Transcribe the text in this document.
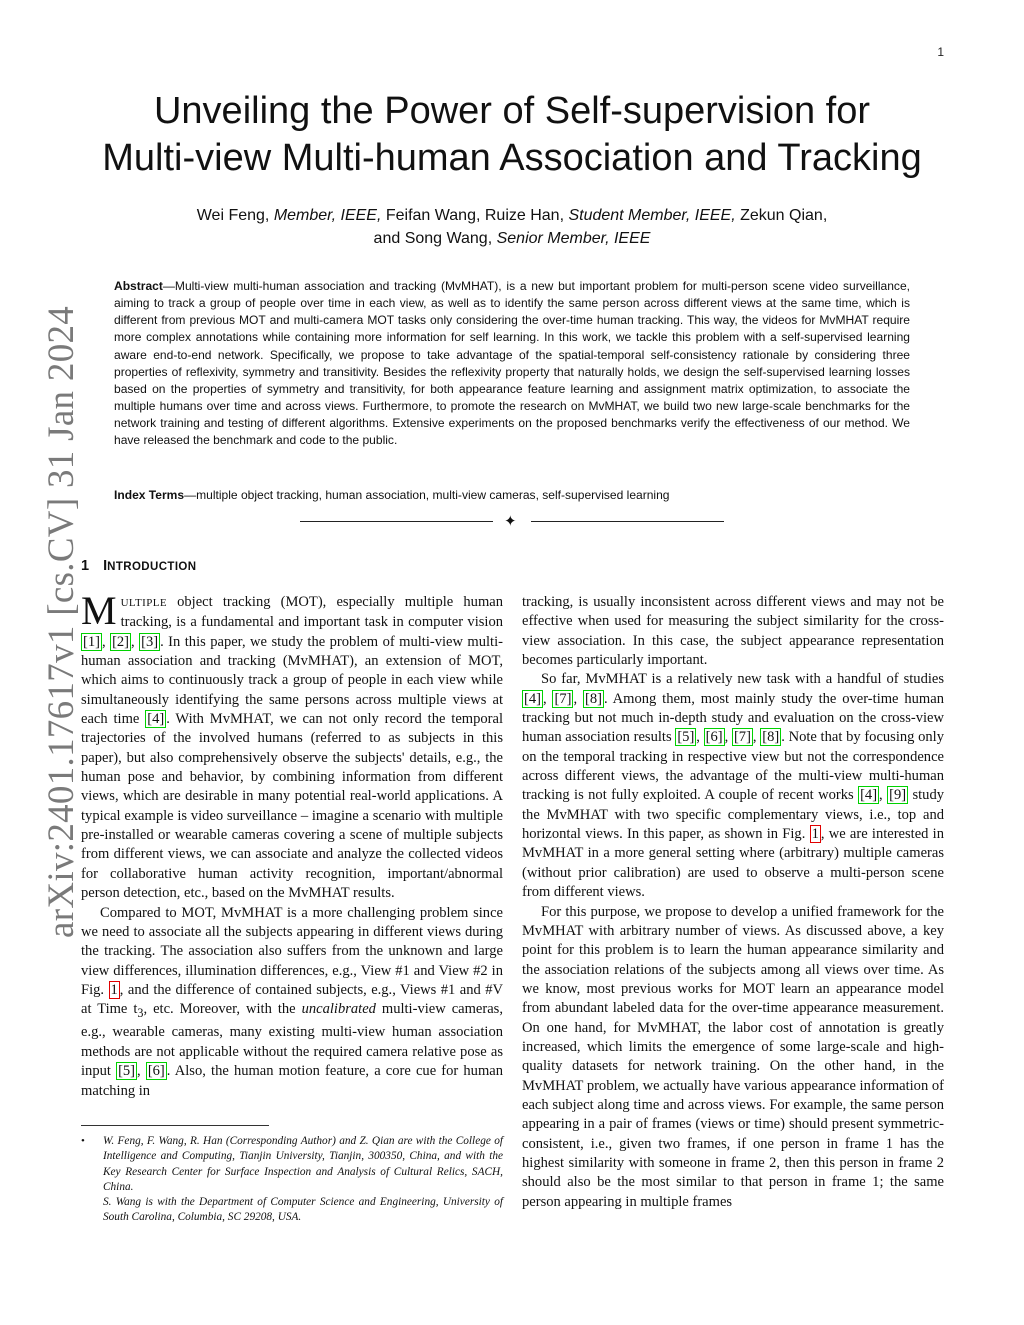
1
arXiv:2401.17617v1 [cs.CV] 31 Jan 2024
Unveiling the Power of Self-supervision for
Multi-view Multi-human Association and Tracking
Wei Feng, Member, IEEE, Feifan Wang, Ruize Han, Student Member, IEEE, Zekun Qian,
and Song Wang, Senior Member, IEEE
Abstract—Multi-view multi-human association and tracking (MvMHAT), is a new but important problem for multi-person scene video surveillance, aiming to track a group of people over time in each view, as well as to identify the same person across different views at the same time, which is different from previous MOT and multi-camera MOT tasks only considering the over-time human tracking. This way, the videos for MvMHAT require more complex annotations while containing more information for self learning. In this work, we tackle this problem with a self-supervised learning aware end-to-end network. Specifically, we propose to take advantage of the spatial-temporal self-consistency rationale by considering three properties of reflexivity, symmetry and transitivity. Besides the reflexivity property that naturally holds, we design the self-supervised learning losses based on the properties of symmetry and transitivity, for both appearance feature learning and assignment matrix optimization, to associate the multiple humans over time and across views. Furthermore, to promote the research on MvMHAT, we build two new large-scale benchmarks for the network training and testing of different algorithms. Extensive experiments on the proposed benchmarks verify the effectiveness of our method. We have released the benchmark and code to the public.
Index Terms—multiple object tracking, human association, multi-view cameras, self-supervised learning
✦
1 INTRODUCTION

MULTIPLE object tracking (MOT), especially multiple human tracking, is a fundamental and important task in computer vision [1] , [2] , [3] . In this paper, we study the problem of multi-view multi-human association and tracking (MvMHAT), an extension of MOT, which aims to continuously track a group of people in each view while simultaneously identifying the same persons across multiple views at each time [4] . With MvMHAT, we can not only record the temporal trajectories of the involved humans (referred to as subjects in this paper), but also comprehensively observe the subjects' details, e.g., the human pose and behavior, by combining information from different views, which are desirable in many potential real-world applications. A typical example is video surveillance – imagine a scenario with multiple pre-installed or wearable cameras covering a scene of multiple subjects from different views, we can associate and analyze the collected videos for collaborative human activity recognition, important/abnormal person detection, etc., based on the MvMHAT results.

Compared to MOT, MvMHAT is a more challenging problem since we need to associate all the subjects appearing in different views during the tracking. The association also suffers from the unknown and large view differences, illumination differences, e.g., View #1 and View #2 in Fig. 1 , and the difference of contained subjects, e.g., Views #1 and #V at Time $t_3$, etc. Moreover, with the uncalibrated multi-view cameras, e.g., wearable cameras, many existing multi-view human association methods are not applicable without the required camera relative pose as input [5] , [6] . Also, the human motion feature, a core cue for human matching in

• W. Feng, F. Wang, R. Han (Corresponding Author) and Z. Qian are with the College of Intelligence and Computing, Tianjin University, Tianjin, 300350, China, and with the Key Research Center for Surface Inspection and Analysis of Cultural Relics, SACH, China.
S. Wang is with the Department of Computer Science and Engineering, University of South Carolina, Columbia, SC 29208, USA.

tracking, is usually inconsistent across different views and may not be effective when used for measuring the subject similarity for the cross-view association. In this case, the subject appearance representation becomes particularly important.

So far, MvMHAT is a relatively new task with a handful of studies [4] , [7] , [8] . Among them, most mainly study the over-time human tracking but not much in-depth study and evaluation on the cross-view human association results [5] , [6] , [7] , [8] . Note that by focusing only on the temporal tracking in respective view but not the correspondence across different views, the advantage of the multi-view multi-human tracking is not fully exploited. A couple of recent works [4] , [9] study the MvMHAT with two specific complementary views, i.e., top and horizontal views. In this paper, as shown in Fig. 1 , we are interested in MvMHAT in a more general setting where (arbitrary) multiple cameras (without prior calibration) are used to observe a multi-person scene from different views.

For this purpose, we propose to develop a unified framework for the MvMHAT with arbitrary number of views. As discussed above, a key point for this problem is to learn the human appearance similarity and the association relations of the subjects among all views over time. As we know, most previous works for MOT learn an appearance model from abundant labeled data for the over-time appearance measurement. On one hand, for MvMHAT, the labor cost of annotation is greatly increased, which limits the emergence of some large-scale and high-quality datasets for network training. On the other hand, in the MvMHAT problem, we actually have various appearance information of each subject along time and across views. For example, the same person appearing in a pair of frames (views or time) should present symmetric-consistent, i.e., given two frames, if one person in frame 1 has the highest similarity with someone in frame 2, then this person in frame 2 should also be the most similar to that person in frame 1; the same person appearing in multiple frames
